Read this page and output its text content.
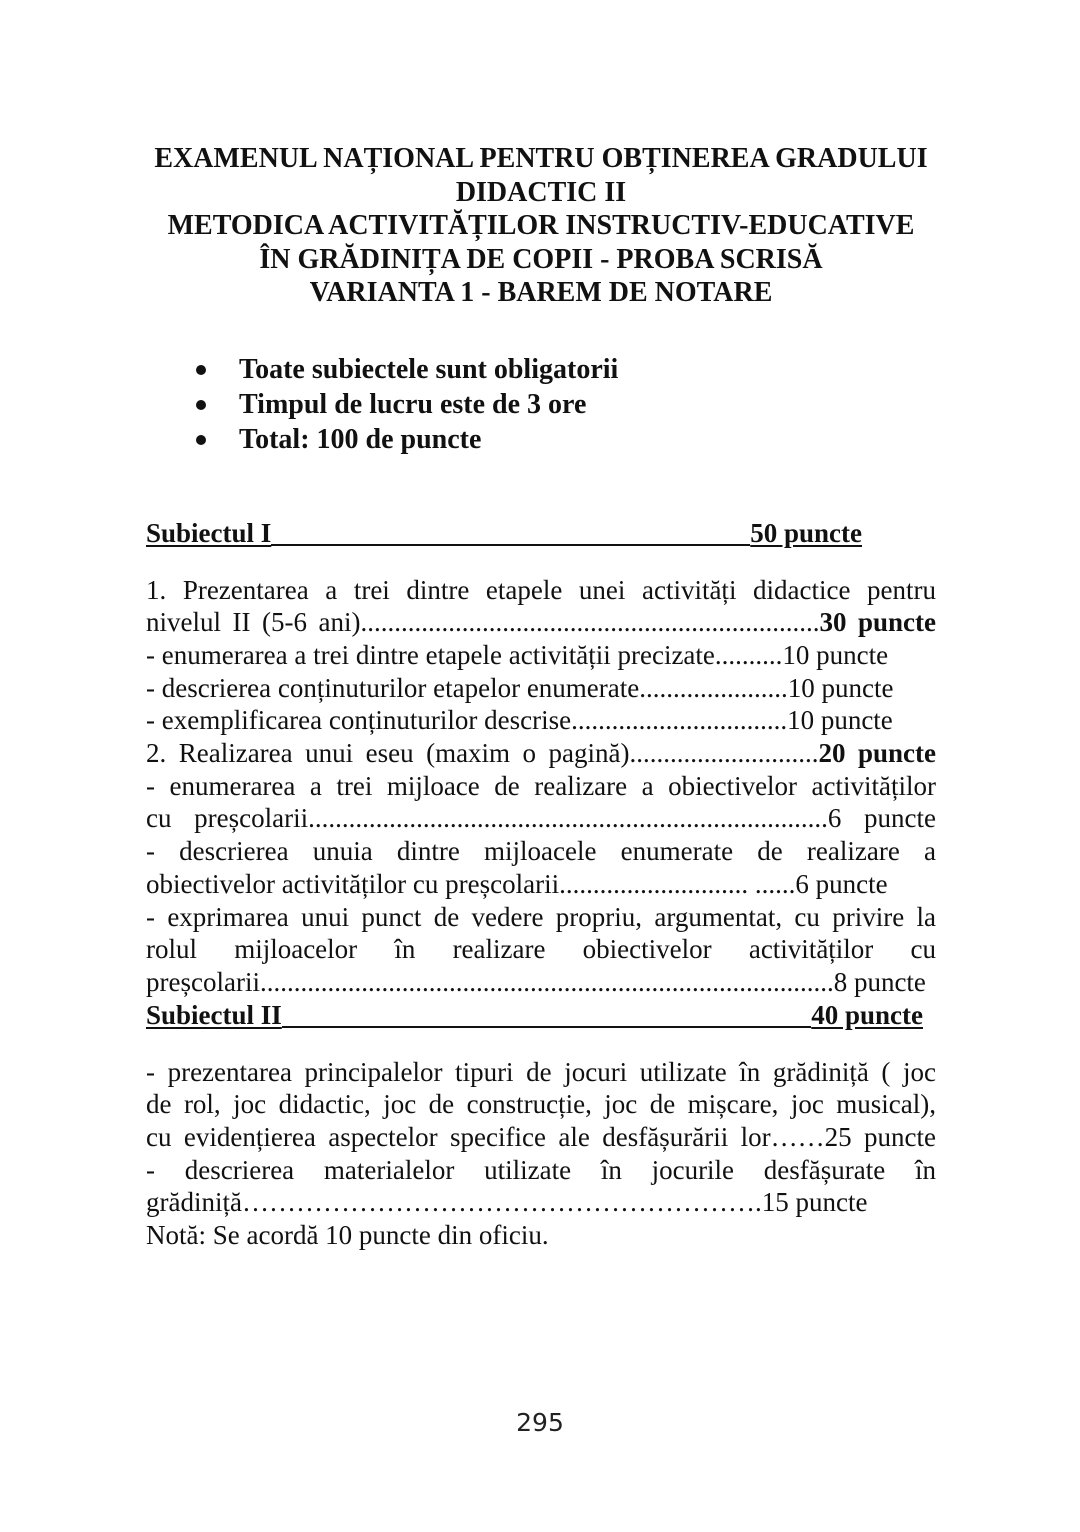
EXAMENUL NAȚIONAL PENTRU OBȚINEREA GRADULUI

DIDACTIC II

METODICA ACTIVITĂȚILOR INSTRUCTIV-EDUCATIVE

ÎN GRĂDINIȚA DE COPII - PROBA SCRISĂ

VARIANTA 1 - BAREM DE NOTARE

Toate subiectele sunt obligatorii
Timpul de lucru este de 3 ore
Total: 100 de puncte
Subiectul I	50 puncte

1. Prezentarea a trei dintre etapele unei activități didactice pentru

nivelul II (5-6 ani)....................................................................30 puncte

- enumerarea a trei dintre etapele activității precizate..........10 puncte

- descrierea conținuturilor etapelor enumerate......................10 puncte

- exemplificarea conținuturilor descrise................................10 puncte

2. Realizarea unui eseu (maxim o pagină)............................20 puncte

- enumerarea a trei mijloace de realizare a obiectivelor activităților

cu preșcolarii.............................................................................6 puncte

- descrierea unuia dintre mijloacele enumerate de realizare a

obiectivelor activităților cu preșcolarii............................ ......6 puncte

- exprimarea unui punct de vedere propriu, argumentat, cu privire la

rolul mijloacelor în realizare obiectivelor activităților cu

preșcolarii.....................................................................................8 puncte

Subiectul II	40 puncte

- prezentarea principalelor tipuri de jocuri utilizate în grădiniță ( joc

de rol, joc didactic, joc de construcție, joc de mișcare, joc musical),

cu evidențierea aspectelor specifice ale desfășurării lor……25 puncte

- descrierea materialelor utilizate în jocurile desfășurate în

grădiniță………………………………………………….15 puncte

Notă: Se acordă 10 puncte din oficiu.

295
